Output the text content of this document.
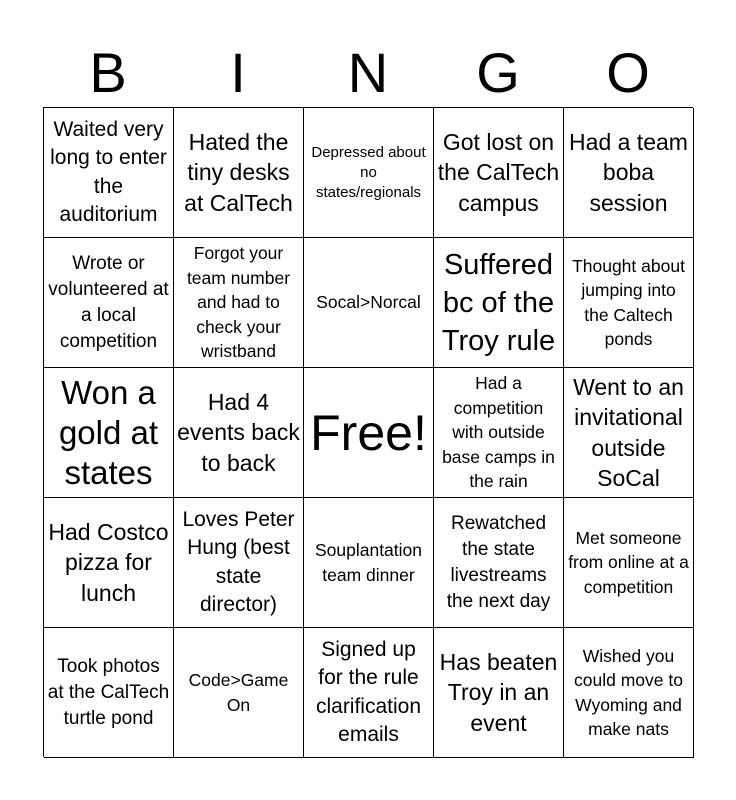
B	I	N	G	O
Waited very long to enter the auditorium
Hated the tiny desks at CalTech
Depressed about no states/regionals
Got lost on the CalTech campus
Had a team boba session
Wrote or volunteered at a local competition
Forgot your team number and had to check your wristband
Socal>Norcal
Suffered bc of the Troy rule
Thought about jumping into the Caltech ponds
Won a gold at states
Had 4 events back to back
Free!
Had a competition with outside base camps in the rain
Went to an invitational outside SoCal
Had Costco pizza for lunch
Loves Peter Hung (best state director)
Souplantation team dinner
Rewatched the state livestreams the next day
Met someone from online at a competition
Took photos at the CalTech turtle pond
Code>Game On
Signed up for the rule clarification emails
Has beaten Troy in an event
Wished you could move to Wyoming and make nats
